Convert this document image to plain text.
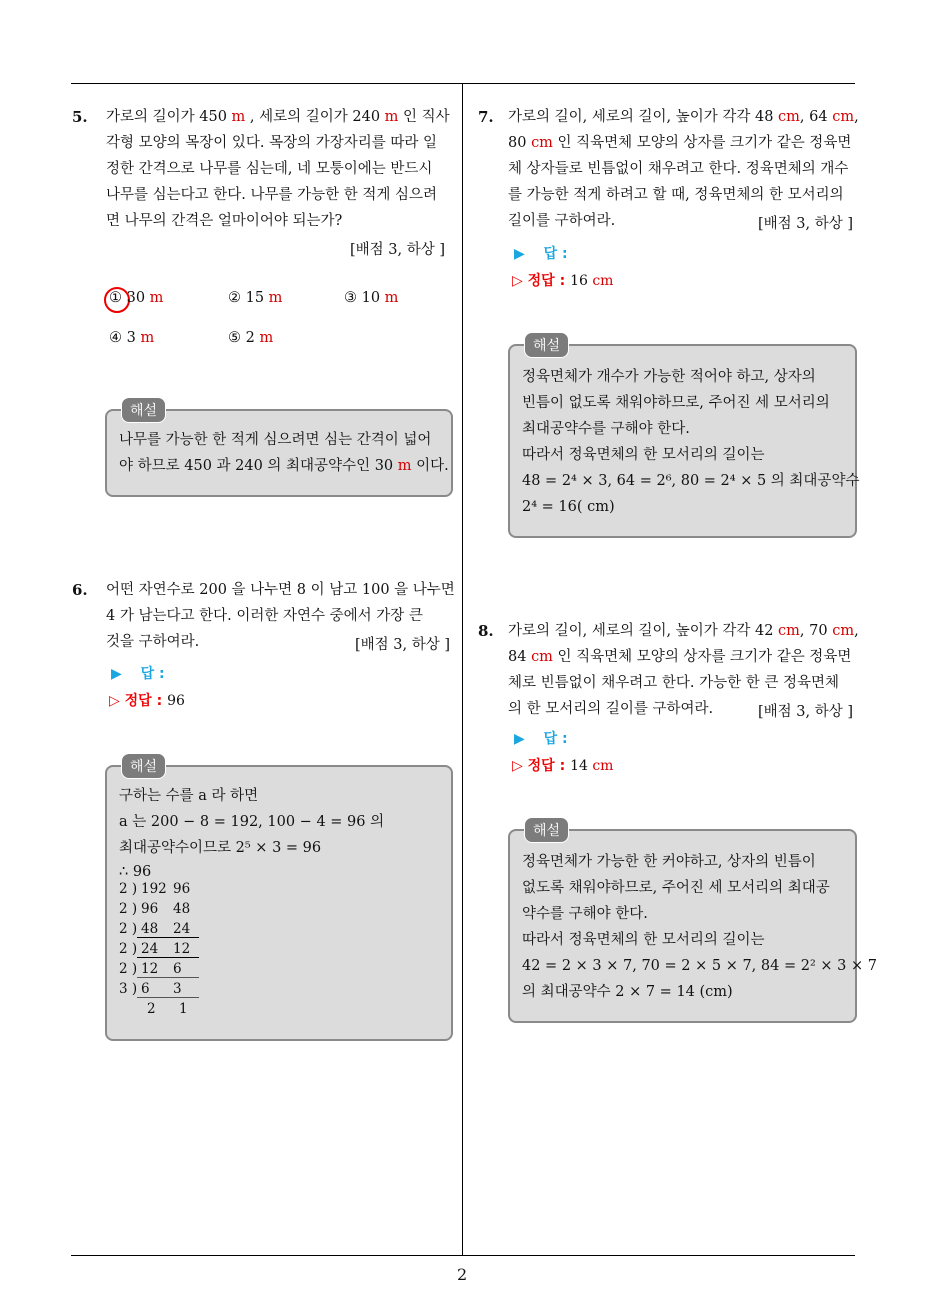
5. 가로의 길이가 450 m , 세로의 길이가 240 m 인 직사
각형 모양의 목장이 있다. 목장의 가장자리를 따라 일
정한 간격으로 나무를 심는데, 네 모퉁이에는 반드시
나무를 심는다고 한다. 나무를 가능한 한 적게 심으려
면 나무의 간격은 얼마이어야 되는가?
[배점 3, 하상 ]
① 30 m	② 15 m	③ 10 m
④ 3 m	⑤ 2 m
해설
나무를 가능한 한 적게 심으려면 심는 간격이 넓어
야 하므로 450 과 240 의 최대공약수인 30 m 이다.
6. 어떤 자연수로 200 을 나누면 8 이 남고 100 을 나누면
4 가 남는다고 한다. 이러한 자연수 중에서 가장 큰
것을 구하여라.	[배점 3, 하상 ]
▶ 답 :
▷ 정답 : 96
해설
구하는 수를 a 라 하면
a 는 200 − 8 = 192, 100 − 4 = 96 의
최대공약수이므로 2⁵ × 3 = 96
∴ 96
2 ) 192 96
2 ) 96 48
2 ) 48 24
2 ) 24 12
2 ) 12 6
3 ) 6 3
2 1
7. 가로의 길이, 세로의 길이, 높이가 각각 48 cm, 64 cm,
80 cm 인 직육면체 모양의 상자를 크기가 같은 정육면
체 상자들로 빈틈없이 채우려고 한다. 정육면체의 개수
를 가능한 적게 하려고 할 때, 정육면체의 한 모서리의
길이를 구하여라.	[배점 3, 하상 ]
▶ 답 :
▷ 정답 : 16 cm
해설
정육면체가 개수가 가능한 적어야 하고, 상자의
빈틈이 없도록 채워야하므로, 주어진 세 모서리의
최대공약수를 구해야 한다.
따라서 정육면체의 한 모서리의 길이는
48 = 2⁴ × 3, 64 = 2⁶, 80 = 2⁴ × 5 의 최대공약수
2⁴ = 16( cm)
8. 가로의 길이, 세로의 길이, 높이가 각각 42 cm, 70 cm,
84 cm 인 직육면체 모양의 상자를 크기가 같은 정육면
체로 빈틈없이 채우려고 한다. 가능한 한 큰 정육면체
의 한 모서리의 길이를 구하여라.	[배점 3, 하상 ]
▶ 답 :
▷ 정답 : 14 cm
해설
정육면체가 가능한 한 커야하고, 상자의 빈틈이
없도록 채워야하므로, 주어진 세 모서리의 최대공
약수를 구해야 한다.
따라서 정육면체의 한 모서리의 길이는
42 = 2 × 3 × 7, 70 = 2 × 5 × 7, 84 = 2² × 3 × 7
의 최대공약수 2 × 7 = 14 (cm)
2
